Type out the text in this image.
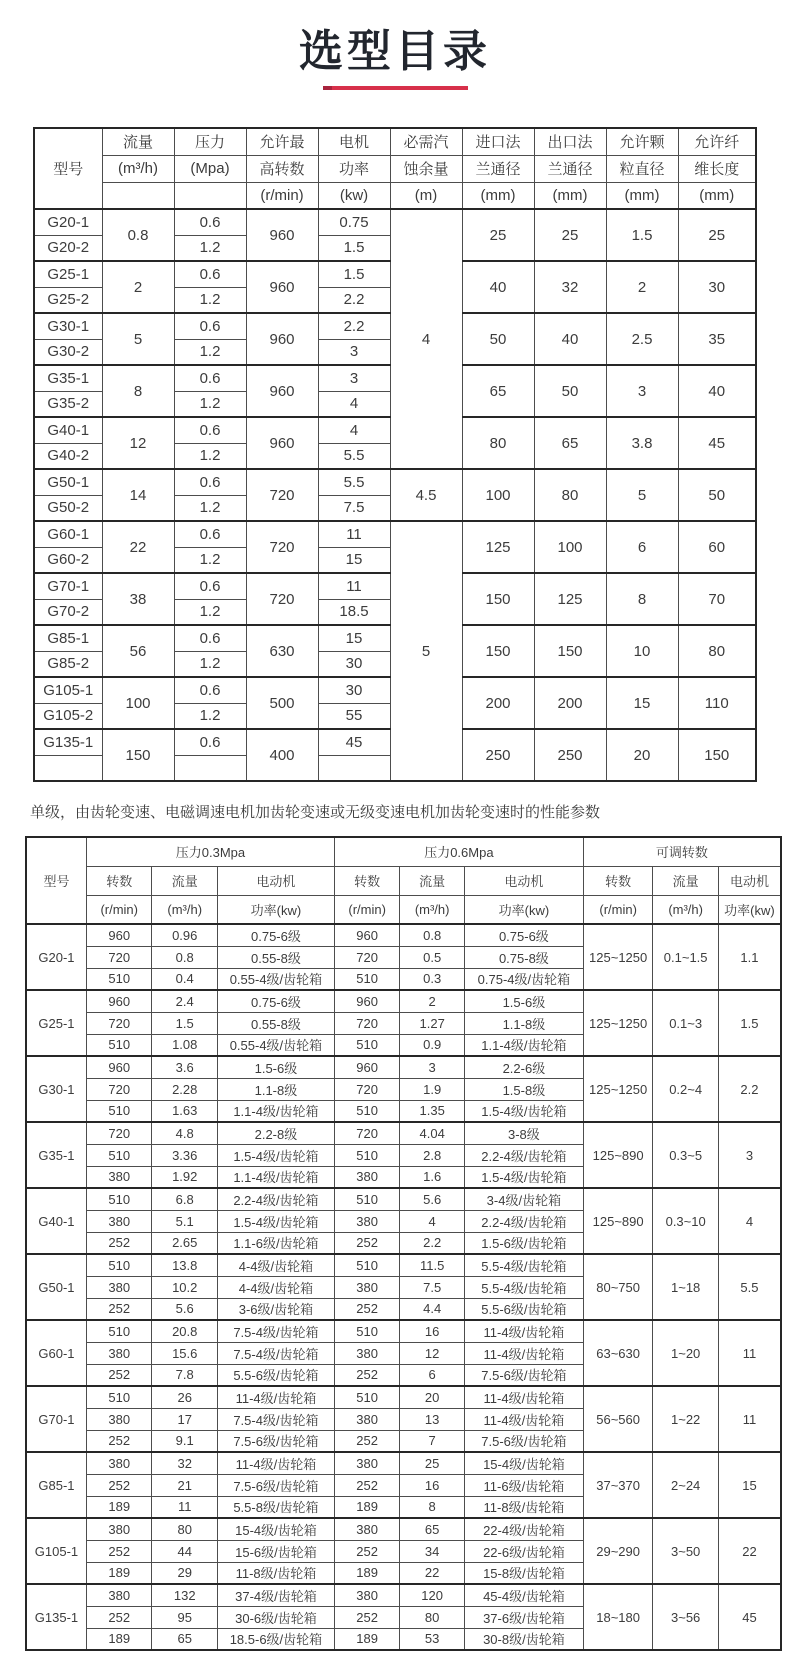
选型目录
型号	流量	压力	允许最	电机	必需汽	进口法	出口法	允许颗	允许纤
	(m³/h)	(Mpa)	高转数	功率	蚀余量	兰通径	兰通径	粒直径	维长度
			(r/min)	(kw)	(m)	(mm)	(mm)	(mm)	(mm)
G20-1	0.8	0.6	960	0.75	4	25	25	1.5	25
G20-2		1.2		1.5					
G25-1	2	0.6	960	1.5		40	32	2	30
G25-2		1.2		2.2					
G30-1	5	0.6	960	2.2		50	40	2.5	35
G30-2		1.2		3					
G35-1	8	0.6	960	3		65	50	3	40
G35-2		1.2		4					
G40-1	12	0.6	960	4		80	65	3.8	45
G40-2		1.2		5.5					
G50-1	14	0.6	720	5.5	4.5	100	80	5	50
G50-2		1.2		7.5					
G60-1	22	0.6	720	11	5	125	100	6	60
G60-2		1.2		15					
G70-1	38	0.6	720	11		150	125	8	70
G70-2		1.2		18.5					
G85-1	56	0.6	630	15		150	150	10	80
G85-2		1.2		30					
G105-1	100	0.6	500	30		200	200	15	110
G105-2		1.2		55					
G135-1	150	0.6	400	45		250	250	20	150

单级，由齿轮变速、电磁调速电机加齿轮变速或无级变速电机加齿轮变速时的性能参数
型号	压力0.3Mpa			压力0.6Mpa			可调转数		
	转数	流量	电动机	转数	流量	电动机	转数	流量	电动机
	(r/min)	(m³/h)	功率(kw)	(r/min)	(m³/h)	功率(kw)	(r/min)	(m³/h)	功率(kw)
G20-1	960	0.96	0.75-6级	960	0.8	0.75-6级	125~1250	0.1~1.5	1.1
	720	0.8	0.55-8级	720	0.5	0.75-8级			
	510	0.4	0.55-4级/齿轮箱	510	0.3	0.75-4级/齿轮箱			
G25-1	960	2.4	0.75-6级	960	2	1.5-6级	125~1250	0.1~3	1.5
	720	1.5	0.55-8级	720	1.27	1.1-8级			
	510	1.08	0.55-4级/齿轮箱	510	0.9	1.1-4级/齿轮箱			
G30-1	960	3.6	1.5-6级	960	3	2.2-6级	125~1250	0.2~4	2.2
	720	2.28	1.1-8级	720	1.9	1.5-8级			
	510	1.63	1.1-4级/齿轮箱	510	1.35	1.5-4级/齿轮箱			
G35-1	720	4.8	2.2-8级	720	4.04	3-8级	125~890	0.3~5	3
	510	3.36	1.5-4级/齿轮箱	510	2.8	2.2-4级/齿轮箱			
	380	1.92	1.1-4级/齿轮箱	380	1.6	1.5-4级/齿轮箱			
G40-1	510	6.8	2.2-4级/齿轮箱	510	5.6	3-4级/齿轮箱	125~890	0.3~10	4
	380	5.1	1.5-4级/齿轮箱	380	4	2.2-4级/齿轮箱			
	252	2.65	1.1-6级/齿轮箱	252	2.2	1.5-6级/齿轮箱			
G50-1	510	13.8	4-4级/齿轮箱	510	11.5	5.5-4级/齿轮箱	80~750	1~18	5.5
	380	10.2	4-4级/齿轮箱	380	7.5	5.5-4级/齿轮箱			
	252	5.6	3-6级/齿轮箱	252	4.4	5.5-6级/齿轮箱			
G60-1	510	20.8	7.5-4级/齿轮箱	510	16	11-4级/齿轮箱	63~630	1~20	11
	380	15.6	7.5-4级/齿轮箱	380	12	11-4级/齿轮箱			
	252	7.8	5.5-6级/齿轮箱	252	6	7.5-6级/齿轮箱			
G70-1	510	26	11-4级/齿轮箱	510	20	11-4级/齿轮箱	56~560	1~22	11
	380	17	7.5-4级/齿轮箱	380	13	11-4级/齿轮箱			
	252	9.1	7.5-6级/齿轮箱	252	7	7.5-6级/齿轮箱			
G85-1	380	32	11-4级/齿轮箱	380	25	15-4级/齿轮箱	37~370	2~24	15
	252	21	7.5-6级/齿轮箱	252	16	11-6级/齿轮箱			
	189	11	5.5-8级/齿轮箱	189	8	11-8级/齿轮箱			
G105-1	380	80	15-4级/齿轮箱	380	65	22-4级/齿轮箱	29~290	3~50	22
	252	44	15-6级/齿轮箱	252	34	22-6级/齿轮箱			
	189	29	11-8级/齿轮箱	189	22	15-8级/齿轮箱			
G135-1	380	132	37-4级/齿轮箱	380	120	45-4级/齿轮箱	18~180	3~56	45
	252	95	30-6级/齿轮箱	252	80	37-6级/齿轮箱			
	189	65	18.5-6级/齿轮箱	189	53	30-8级/齿轮箱			
